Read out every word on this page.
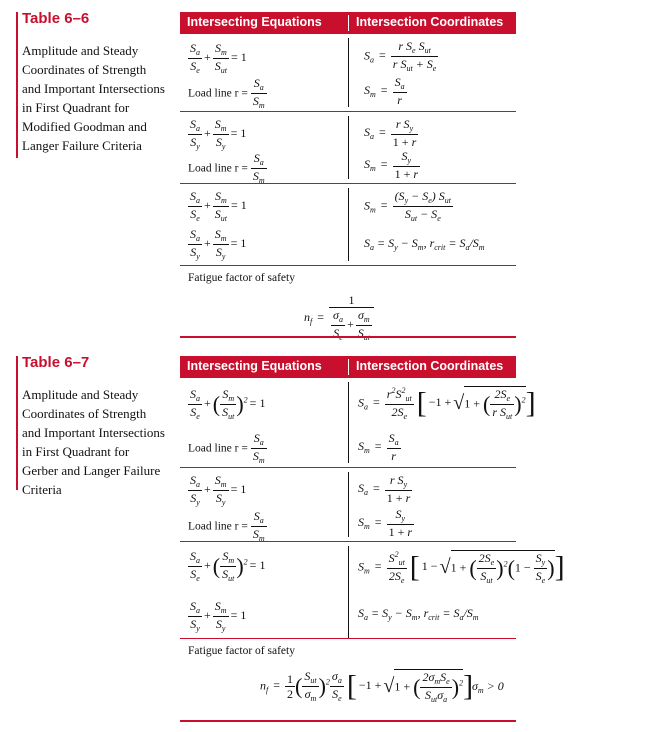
Table 6–6
Amplitude and Steady Coordinates of Strength and Important Intersections in First Quadrant for Modified Goodman and Langer Failure Criteria
Intersecting Equations	Intersection Coordinates
$\frac{S_a}{S_e} + \frac{S_m}{S_{ut}} = 1$	$S_a = \frac{r S_e S_{ut}}{r S_{ut} + S_e}$
Load line $r = \frac{S_a}{S_m}$	$S_m = \frac{S_a}{r}$
$\frac{S_a}{S_y} + \frac{S_m}{S_y} = 1$	$S_a = \frac{r S_y}{1 + r}$
Load line $r = \frac{S_a}{S_m}$	$S_m = \frac{S_y}{1 + r}$
$\frac{S_a}{S_e} + \frac{S_m}{S_{ut}} = 1$	$S_m = \frac{(S_y - S_e) S_{ut}}{S_{ut} - S_e}$
$\frac{S_a}{S_y} + \frac{S_m}{S_y} = 1$	$S_a = S_y - S_m$, $r_{crit} = S_a/S_m$
Fatigue factor of safety
$n_f = \frac{1}{\frac{\sigma_a}{S_e} + \frac{\sigma_m}{S_{ut}}}$
Table 6–7
Amplitude and Steady Coordinates of Strength and Important Intersections in First Quadrant for Gerber and Langer Failure Criteria
Intersecting Equations	Intersection Coordinates
$\frac{S_a}{S_e}$ +( $\frac{S_m}{S_{ut}} )^2 = 1$	$S_a = \frac{r^2S^2_{ut}}{2S_e}$ [ −1 + √1 + ( $\frac{2S_e}{r S_{ut}} )^2$]
Load line $r = \frac{S_a}{S_m}$	$S_m = \frac{S_a}{r}$
$\frac{S_a}{S_y} + \frac{S_m}{S_y} = 1$	$S_a = \frac{r S_y}{1 + r}$
Load line $r = \frac{S_a}{S_m}$	$S_m = \frac{S_y}{1 + r}$
$\frac{S_a}{S_e}$ +( $\frac{S_m}{S_{ut}} )^2 = 1$	$S_m = \frac{S^2_{ut}}{2S_e}$ [ 1 − √1 + ( $\frac{2S_e}{S_{ut}} )^2(1 - \frac{S_y}{S_e}$ )]
$\frac{S_a}{S_y} + \frac{S_m}{S_y} = 1$	$S_a = S_y - S_m$, $r_{crit} = S_a/S_m$
Fatigue factor of safety
$n_f = \frac{1}{2}$ ( $\frac{S_{ut}}{\sigma_m} )^2 \frac{\sigma_a}{S_e}$ [ −1 + √1 + ( $\frac{2\sigma_mS_e}{S_{ut}\sigma_a} )^2$]
$\sigma_m > 0$
